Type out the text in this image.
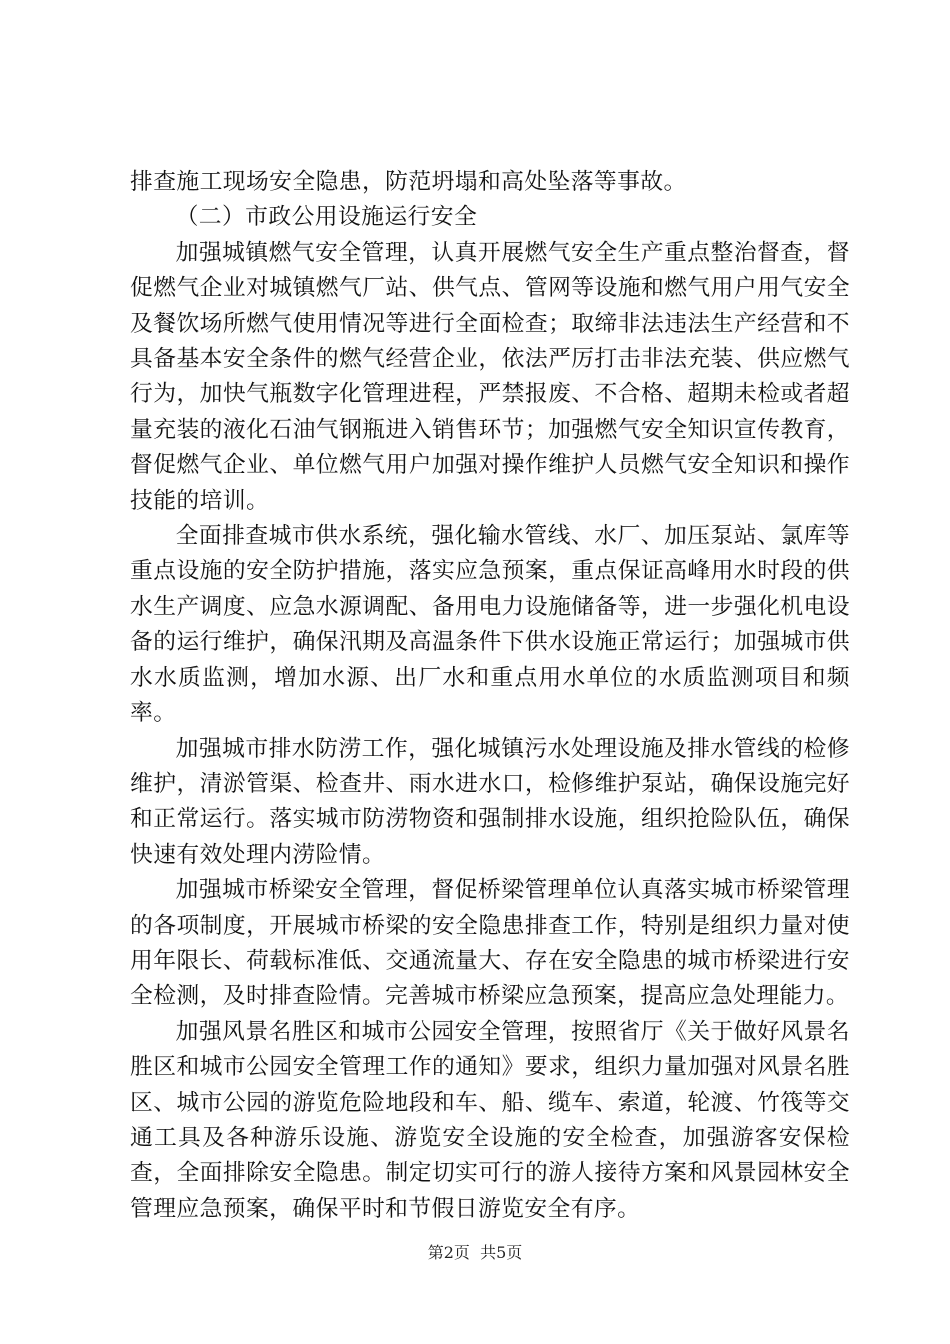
排查施工现场安全隐患，防范坍塌和高处坠落等事故。

（二）市政公用设施运行安全

加强城镇燃气安全管理，认真开展燃气安全生产重点整治督查，督促燃气企业对城镇燃气厂站、供气点、管网等设施和燃气用户用气安全及餐饮场所燃气使用情况等进行全面检查；取缔非法违法生产经营和不具备基本安全条件的燃气经营企业，依法严厉打击非法充装、供应燃气行为，加快气瓶数字化管理进程，严禁报废、不合格、超期未检或者超量充装的液化石油气钢瓶进入销售环节；加强燃气安全知识宣传教育，督促燃气企业、单位燃气用户加强对操作维护人员燃气安全知识和操作技能的培训。

全面排查城市供水系统，强化输水管线、水厂、加压泵站、氯库等重点设施的安全防护措施，落实应急预案，重点保证高峰用水时段的供水生产调度、应急水源调配、备用电力设施储备等，进一步强化机电设备的运行维护，确保汛期及高温条件下供水设施正常运行；加强城市供水水质监测，增加水源、出厂水和重点用水单位的水质监测项目和频率。

加强城市排水防涝工作，强化城镇污水处理设施及排水管线的检修维护，清淤管渠、检查井、雨水进水口，检修维护泵站，确保设施完好和正常运行。落实城市防涝物资和强制排水设施，组织抢险队伍，确保快速有效处理内涝险情。

加强城市桥梁安全管理，督促桥梁管理单位认真落实城市桥梁管理的各项制度，开展城市桥梁的安全隐患排查工作，特别是组织力量对使用年限长、荷载标准低、交通流量大、存在安全隐患的城市桥梁进行安全检测，及时排查险情。完善城市桥梁应急预案，提高应急处理能力。

加强风景名胜区和城市公园安全管理，按照省厅《关于做好风景名胜区和城市公园安全管理工作的通知》要求，组织力量加强对风景名胜区、城市公园的游览危险地段和车、船、缆车、索道，轮渡、竹筏等交通工具及各种游乐设施、游览安全设施的安全检查，加强游客安保检查，全面排除安全隐患。制定切实可行的游人接待方案和风景园林安全管理应急预案，确保平时和节假日游览安全有序。

第2页 共5页
